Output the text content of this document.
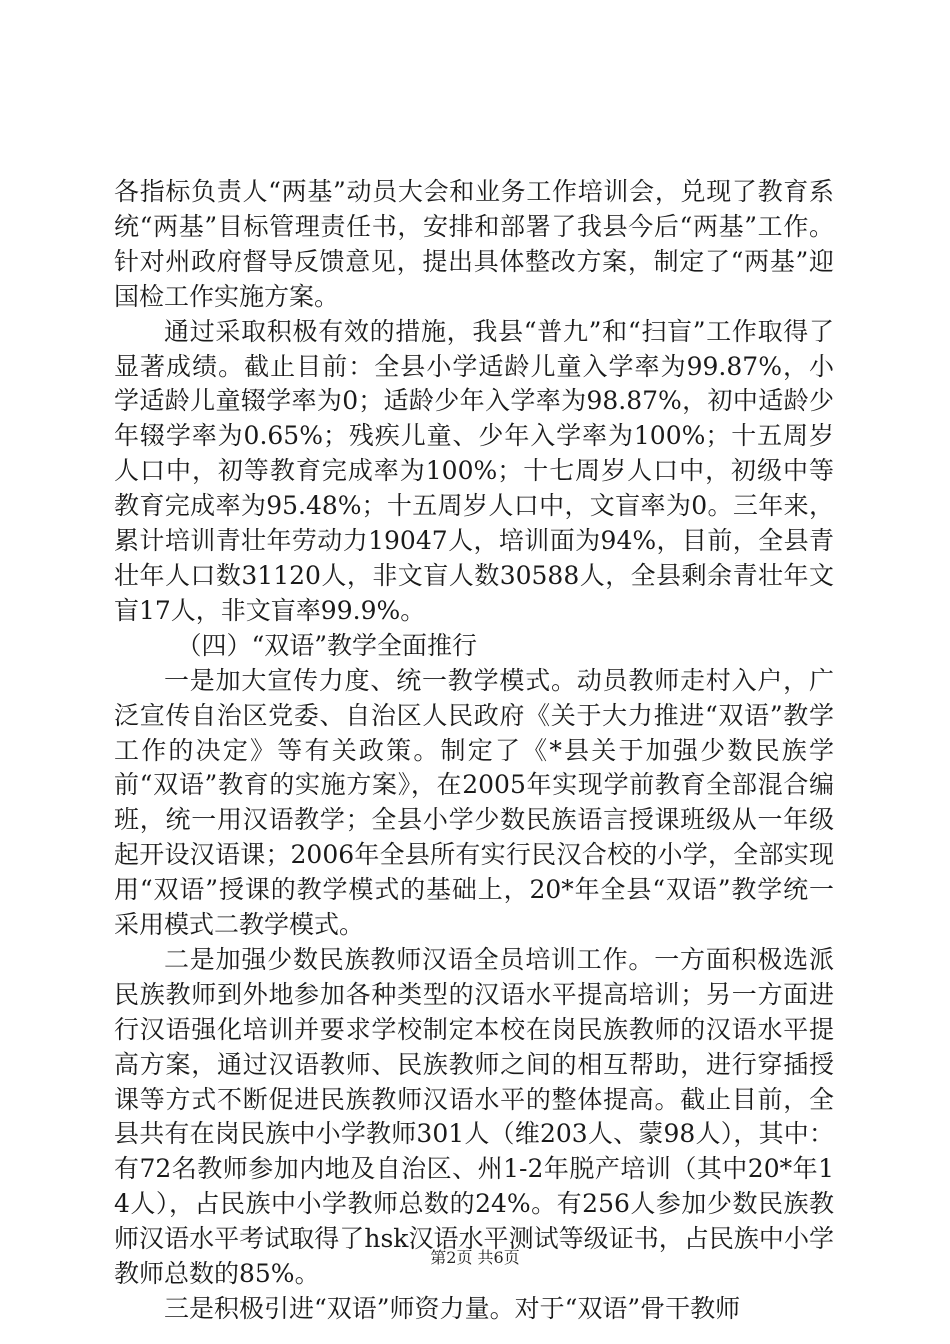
各指标负责人“两基”动员大会和业务工作培训会，兑现了教育系统“两基”目标管理责任书，安排和部署了我县今后“两基”工作。针对州政府督导反馈意见，提出具体整改方案，制定了“两基”迎国检工作实施方案。

通过采取积极有效的措施，我县“普九”和“扫盲”工作取得了显著成绩。截止目前：全县小学适龄儿童入学率为99.87%，小学适龄儿童辍学率为0；适龄少年入学率为98.87%，初中适龄少年辍学率为0.65%；残疾儿童、少年入学率为100%；十五周岁人口中，初等教育完成率为100%；十七周岁人口中，初级中等教育完成率为95.48%；十五周岁人口中，文盲率为0。三年来，累计培训青壮年劳动力19047人，培训面为94%，目前，全县青壮年人口数31120人，非文盲人数30588人，全县剩余青壮年文盲17人，非文盲率99.9%。

（四）“双语”教学全面推行

一是加大宣传力度、统一教学模式。动员教师走村入户，广泛宣传自治区党委、自治区人民政府《关于大力推进“双语”教学工作的决定》等有关政策。制定了《*县关于加强少数民族学前“双语”教育的实施方案》，在2005年实现学前教育全部混合编班，统一用汉语教学；全县小学少数民族语言授课班级从一年级起开设汉语课；2006年全县所有实行民汉合校的小学，全部实现用“双语”授课的教学模式的基础上，20*年全县“双语”教学统一采用模式二教学模式。

二是加强少数民族教师汉语全员培训工作。一方面积极选派民族教师到外地参加各种类型的汉语水平提高培训；另一方面进行汉语强化培训并要求学校制定本校在岗民族教师的汉语水平提高方案，通过汉语教师、民族教师之间的相互帮助，进行穿插授课等方式不断促进民族教师汉语水平的整体提高。截止目前，全县共有在岗民族中小学教师301人（维203人、蒙98人），其中：有72名教师参加内地及自治区、州1-2年脱产培训（其中20*年14人），占民族中小学教师总数的24%。有256人参加少数民族教师汉语水平考试取得了hsk汉语水平测试等级证书，占民族中小学教师总数的85%。

三是积极引进“双语”师资力量。对于“双语”骨干教师

第2页 共6页
